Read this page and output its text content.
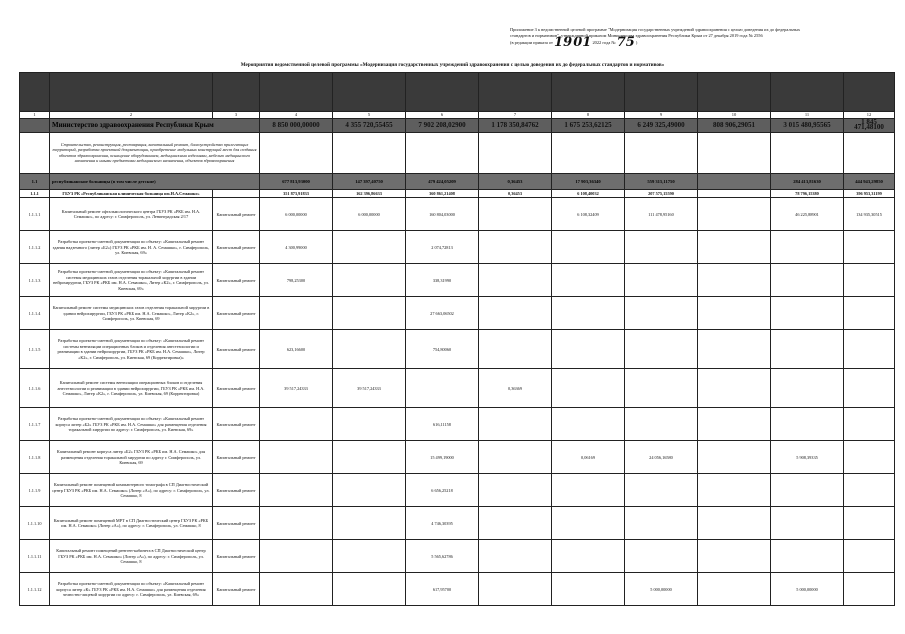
Приложение 3 к ведомственной целевой программе "Модернизация государственных учреждений здравоохранения с целью доведения их до федеральных
стандартов и нормативов", утвержденной приказом Министерства здравоохранения Республики Крым от 27 декабря 2019 года № 2556
(в редакции приказа от 19 01 2022 года № 75 )
Мероприятия ведомственной целевой программы «Модернизация государственных учреждений здравоохранения с целью доведения их до федеральных стандартов и нормативов»

1	2	3	4	5	6	7	8	9	10	11	12
	Министерство здравоохранения Республики Крым		8 850 000,00000	4 355 720,55455	7 902 208,02900	1 178 350,84762	1 675 253,62125	6 249 325,49000	808 906,29051	3 015 480,95565	1 845 471,48100
	Строительство, реконструкция, реставрация, капитальный ремонт, благоустройство прилегающих территорий, разработка проектной документации, приобретение модульных конструкций мест для создания объектов здравоохранения, оснащение оборудованием, медицинскими изделиями, мебелью медицинского назначения и иными предметами медицинского назначения, объектов здравоохранения										
1.1	республиканские больницы (в том числе детские)		677 813,93000	147 397,40750	479 424,05209	0,36453	17 903,36340	559 315,11750		284 413,81630	444 943,29850
1.1.1	ГБУЗ РК «Республиканская клиническая больница им.Н.А.Семашко»		351 873,91833	162 396,86633	360 861,21408	0,36453	6 108,40032	207 575,15590		78 796,15380	396 953,31199
1.1.1.1	Капитальный ремонт офтальмологического центра ГБУЗ РК «РКБ им. Н.А. Семашко», по адресу: г. Симферополь, ул. Ленинградская 2/17	Капитальный ремонт	6 000,00000	6 000,00000	160 804,03000		6 108,32409	111 478,95160		46 225,88901	134 935,30515
1.1.1.2	Разработка проектно-сметной документации по объекту: «Капитальный ремонт здания надземного (литер «Б2») ГБУЗ РК «РКБ им. Н. А. Семашко», г. Симферополь, ул. Киевская, 69»	Капитальный ремонт	4 300,99000		2 074,72813						
1.1.1.3	Разработка проектно-сметной документации по объекту: «Капитальный ремонт системы медицинских газов отделения торакальной хирургии в здании нейрохирургии, ГБУЗ РК «РКБ им. Н.А. Семашко», Литер «К2», г. Симферополь, ул. Киевская, 69»	Капитальный ремонт	798,25300		338,31990						
1.1.1.4	Капитальный ремонт системы медицинских газов отделения торакальной хирургии в здании нейрохирургии, ГБУЗ РК «РКБ им. Н.А. Семашко», Литер «К2», г. Симферополь, ул. Киевская, 69	Капитальный ремонт			27 663,06502						
1.1.1.5	Разработка проектно-сметной документации по объекту: «Капитальный ремонт системы вентиляции операционных блоков и отделения анестезиологии и реанимации в здании нейрохирургии, ГБУЗ РК «РКБ им. Н.А. Семашко», Литер «К2», г. Симферополь, ул. Киевская, 69 (Корректировка)»	Капитальный ремонт	623,16600		754,80060						
1.1.1.6	Капитальный ремонт системы вентиляции операционных блоков и отделения анестезиологии и реанимации в здании нейрохирургии, ГБУЗ РК «РКБ им. Н.А. Семашко», Литер «К2», г. Симферополь, ул. Киевская, 69 (Корректировка)	Капитальный ремонт	39 517,24333	39 517,24333		0,36369					
1.1.1.7	Разработка проектно-сметной документации по объекту: «Капитальный ремонт корпуса литер «Б2» ГБУЗ РК «РКБ им. Н.А. Семашко» для размещения отделения торакальной хирургии по адресу: г. Симферополь, ул. Киевская, 69»	Капитальный ремонт			616,11158						
1.1.1.8	Капитальный ремонт корпуса литер «Б2» ГБУЗ РК «РКБ им. Н.А. Семашко» для размещения отделения торакальной хирургии по адресу г. Симферополь, ул. Киевская, 69	Капитальный ремонт			15 499,19000		0,06169	24 056,16580		5 908,39335	
1.1.1.9	Капитальный ремонт помещений компьютерного томографа в СП Диагностический центр ГБУЗ РК «РКБ им. Н.А. Семашко» (Литер «А»), по адресу: г. Симферополь, ул. Семашко, 8	Капитальный ремонт			6 656,25218						
1.1.1.10	Капитальный ремонт помещений МРТ в СП Диагностический центр ГБУЗ РК «РКБ им. Н.А. Семашко» (Литер «А»), по адресу: г. Симферополь, ул. Семашко, 8	Капитальный ремонт			4 746,30395						
1.1.1.11	Капитальный ремонт помещений рентген-кабинета в СП Диагностический центр ГБУЗ РК «РКБ им. Н.А. Семашко» (Литер «А»), по адресу: г. Симферополь, ул. Семашко, 8	Капитальный ремонт			5 565,62786						
1.1.1.12	Разработка проектно-сметной документации по объекту: «Капитальный ремонт корпуса литер «К» ГБУЗ РК «РКБ им. Н.А. Семашко» для размещения отделения челюстно-лицевой хирургии по адресу: г. Симферополь, ул. Киевская, 69»	Капитальный ремонт			617,95700			5 000,00000		5 000,00000	
